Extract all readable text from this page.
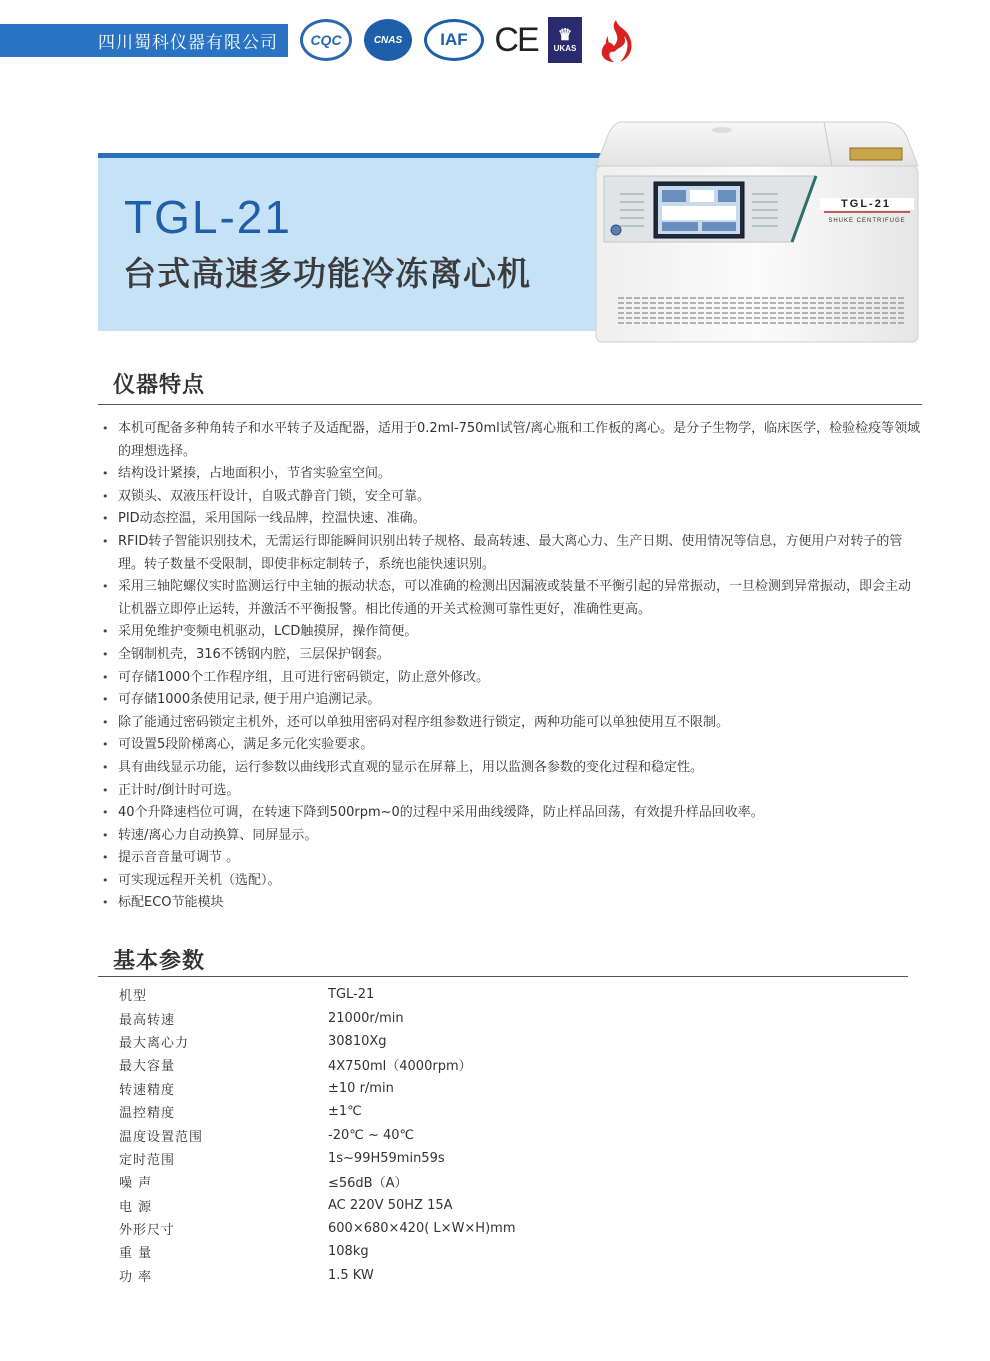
四川蜀科仪器有限公司 CQC	CNAS IAF CE ♛
UKAS
TGL-21
台式高速多功能冷冻离心机
TGL-21
SHUKE CENTRIFUGE
仪器特点
• 本机可配备多种角转子和水平转子及适配器，适用于0.2ml-750ml试管/离心瓶和工作板的离心。是分子生物学，临床医学，检验检疫等领域的理想选择。
• 结构设计紧揍，占地面积小，节省实验室空间。
• 双锁头、双液压杆设计，自吸式静音门锁，安全可靠。
• PID动态控温，采用国际一线品牌，控温快速、准确。
• RFID转子智能识别技术，无需运行即能瞬间识别出转子规格、最高转速、最大离心力、生产日期、使用情况等信息，方便用户对转子的管理。转子数量不受限制，即使非标定制转子，系统也能快速识别。
• 采用三轴陀螺仪实时监测运行中主轴的振动状态，可以准确的检测出因漏液或装量不平衡引起的异常振动，一旦检测到异常振动，即会主动让机器立即停止运转，并激活不平衡报警。相比传通的开关式检测可靠性更好，准确性更高。
• 采用免维护变频电机驱动，LCD触摸屏，操作简便。
• 全钢制机壳，316不锈钢内腔，三层保护钢套。
• 可存储1000个工作程序组，且可进行密码锁定，防止意外修改。
• 可存储1000条使用记录, 便于用户追溯记录。
• 除了能通过密码锁定主机外，还可以单独用密码对程序组参数进行锁定，两种功能可以单独使用互不限制。
• 可设置5段阶梯离心，满足多元化实验要求。
• 具有曲线显示功能，运行参数以曲线形式直观的显示在屏幕上，用以监测各参数的变化过程和稳定性。
• 正计时/倒计时可选。
• 40个升降速档位可调，在转速下降到500rpm~0的过程中采用曲线缓降，防止样品回荡，有效提升样品回收率。
• 转速/离心力自动换算、同屏显示。
• 提示音音量可调节 。
• 可实现远程开关机（选配）。
• 标配ECO节能模块
基本参数
机型	TGL-21
最高转速	21000r/min
最大离心力	30810Xg
最大容量	4X750ml（4000rpm）
转速精度	±10 r/min
温控精度	±1℃
温度设置范围	-20℃ ~ 40℃
定时范围	1s~99H59min59s
噪 声	≤56dB（A）
电 源	AC 220V 50HZ 15A
外形尺寸	600×680×420( L×W×H)mm
重 量	108kg
功 率	1.5 KW
